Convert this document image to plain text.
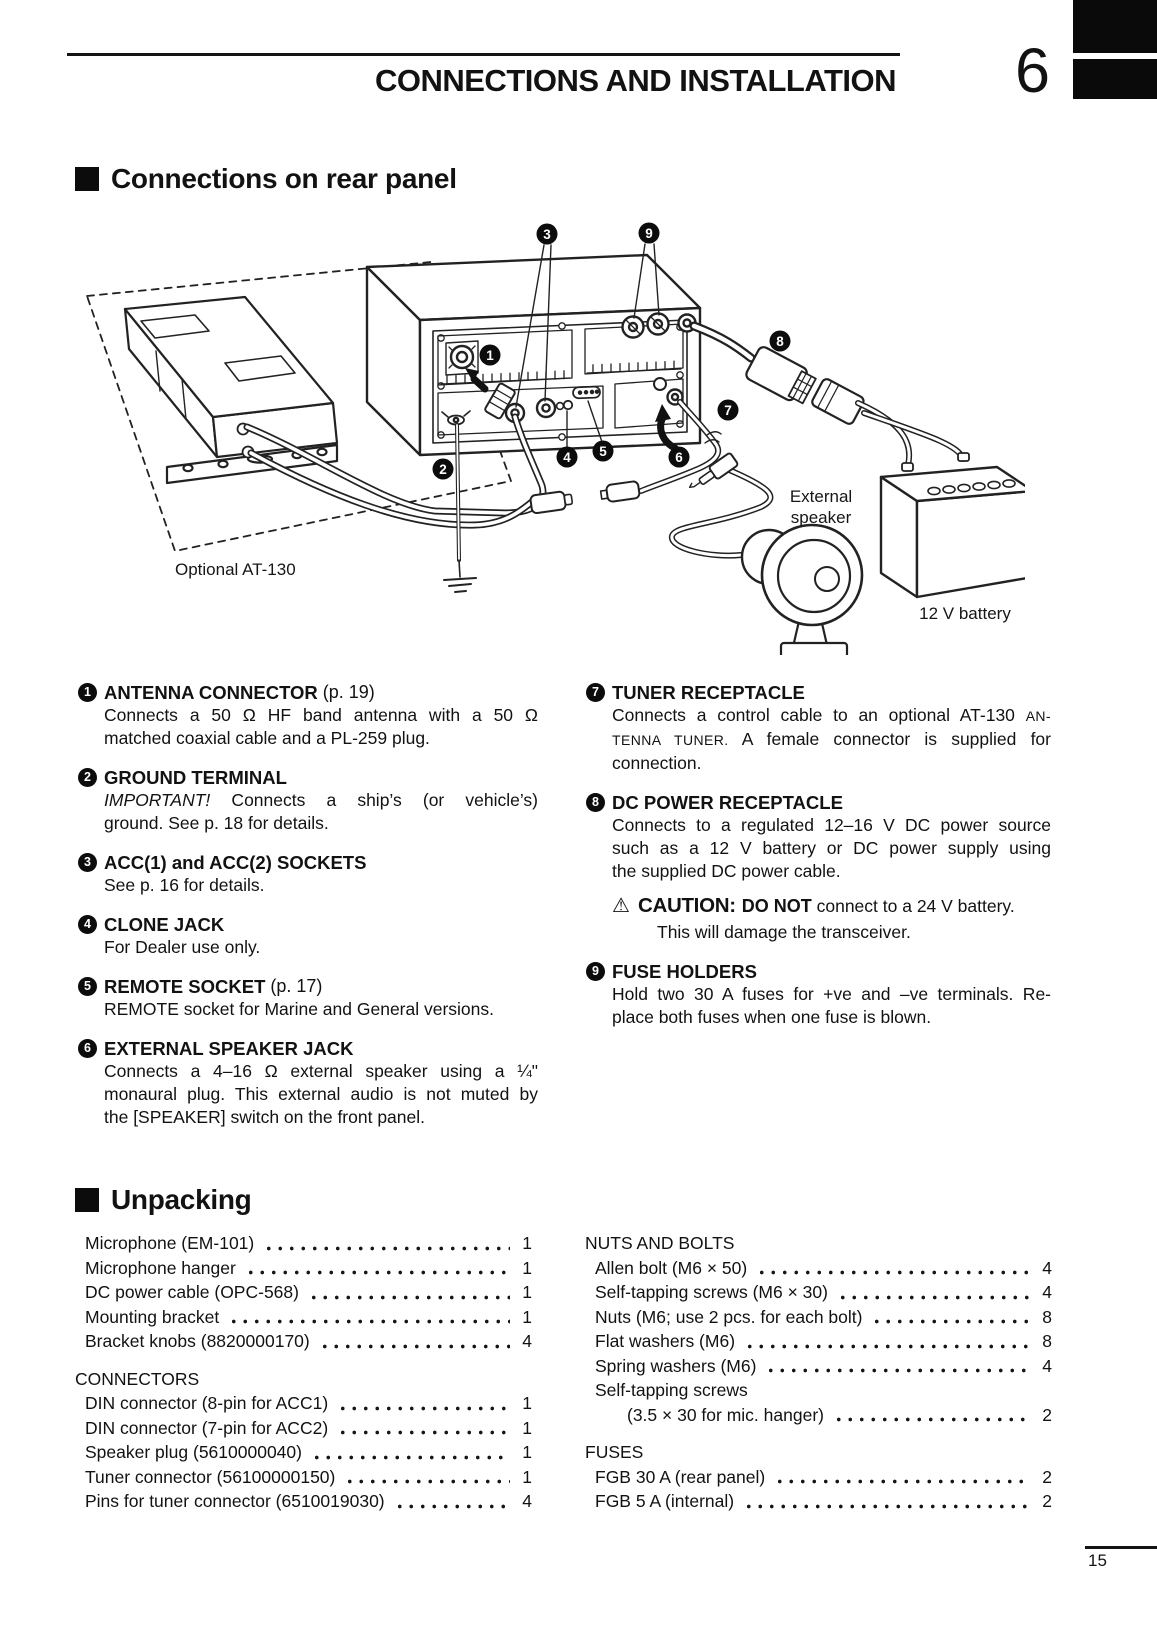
CONNECTIONS AND INSTALLATION	6
Connections on rear panel
1
2
3
4 5	6
7
8
9
Optional AT-130
External
speaker
12 V battery
1 ANTENNA CONNECTOR (p. 19)
Connects a 50 Ω HF band antenna with a 50 Ω
matched coaxial cable and a PL-259 plug.
2 GROUND TERMINAL
IMPORTANT! Connects a ship’s (or vehicle’s)
ground. See p. 18 for details.
3 ACC(1) and ACC(2) SOCKETS
See p. 16 for details.
4 CLONE JACK
For Dealer use only.
5 REMOTE SOCKET (p. 17)
REMOTE socket for Marine and General versions.
6 EXTERNAL SPEAKER JACK
Connects a 4–16 Ω external speaker using a ¼"
monaural plug. This external audio is not muted by
the [SPEAKER] switch on the front panel.
7 TUNER RECEPTACLE
Connects a control cable to an optional AT-130 AN-
TENNA TUNER. A female connector is supplied for
connection.
8 DC POWER RECEPTACLE
Connects to a regulated 12–16 V DC power source
such as a 12 V battery or DC power supply using
the supplied DC power cable.
⚠ CAUTION: DO NOT connect to a 24 V battery.
This will damage the transceiver.
9 FUSE HOLDERS
Hold two 30 A fuses for +ve and –ve terminals. Re-
place both fuses when one fuse is blown.
Unpacking
Microphone (EM-101)	1
Microphone hanger	1
DC power cable (OPC-568)	1
Mounting bracket	1
Bracket knobs (8820000170)	4
CONNECTORS
DIN connector (8-pin for ACC1)	1
DIN connector (7-pin for ACC2)	1
Speaker plug (5610000040)	1
Tuner connector (56100000150)	1
Pins for tuner connector (6510019030)	4
NUTS AND BOLTS
Allen bolt (M6 × 50)	4
Self-tapping screws (M6 × 30)	4
Nuts (M6; use 2 pcs. for each bolt)	8
Flat washers (M6)	8
Spring washers (M6)	4
Self-tapping screws
(3.5 × 30 for mic. hanger)	2
FUSES
FGB 30 A (rear panel)	2
FGB 5 A (internal)	2
15
